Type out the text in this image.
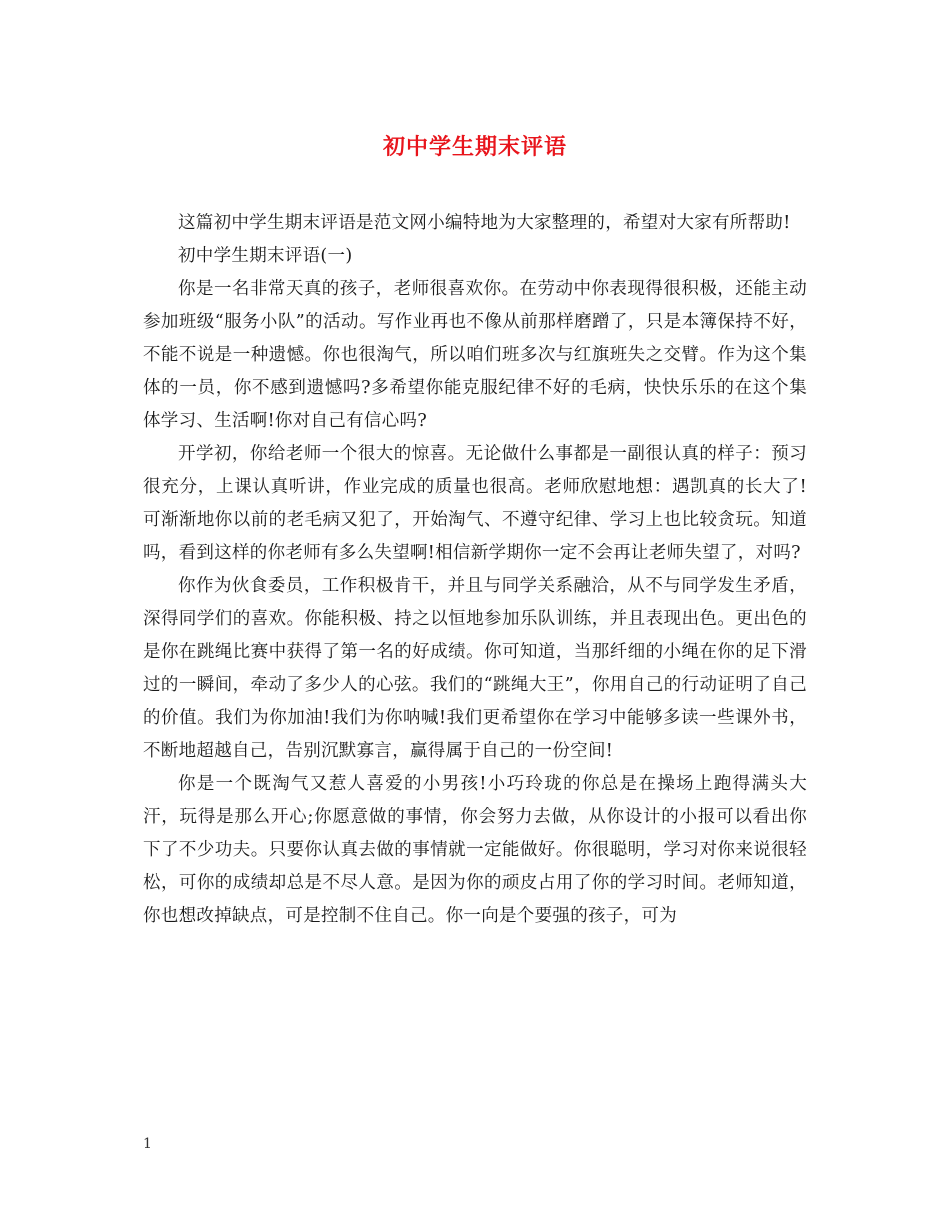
初中学生期末评语

这篇初中学生期末评语是范文网小编特地为大家整理的，希望对大家有所帮助!

初中学生期末评语(一)

你是一名非常天真的孩子，老师很喜欢你。在劳动中你表现得很积极，还能主动参加班级“服务小队”的活动。写作业再也不像从前那样磨蹭了，只是本簿保持不好，不能不说是一种遗憾。你也很淘气，所以咱们班多次与红旗班失之交臂。作为这个集体的一员，你不感到遗憾吗?多希望你能克服纪律不好的毛病，快快乐乐的在这个集体学习、生活啊!你对自己有信心吗?

开学初，你给老师一个很大的惊喜。无论做什么事都是一副很认真的样子：预习很充分，上课认真听讲，作业完成的质量也很高。老师欣慰地想：遇凯真的长大了!可渐渐地你以前的老毛病又犯了，开始淘气、不遵守纪律、学习上也比较贪玩。知道吗，看到这样的你老师有多么失望啊!相信新学期你一定不会再让老师失望了，对吗?

你作为伙食委员，工作积极肯干，并且与同学关系融洽，从不与同学发生矛盾，深得同学们的喜欢。你能积极、持之以恒地参加乐队训练，并且表现出色。更出色的是你在跳绳比赛中获得了第一名的好成绩。你可知道，当那纤细的小绳在你的足下滑过的一瞬间，牵动了多少人的心弦。我们的“跳绳大王”，你用自己的行动证明了自己的价值。我们为你加油!我们为你呐喊!我们更希望你在学习中能够多读一些课外书，不断地超越自己，告别沉默寡言，赢得属于自己的一份空间!

你是一个既淘气又惹人喜爱的小男孩!小巧玲珑的你总是在操场上跑得满头大汗，玩得是那么开心;你愿意做的事情，你会努力去做，从你设计的小报可以看出你下了不少功夫。只要你认真去做的事情就一定能做好。你很聪明，学习对你来说很轻松，可你的成绩却总是不尽人意。是因为你的顽皮占用了你的学习时间。老师知道，你也想改掉缺点，可是控制不住自己。你一向是个要强的孩子，可为

1
